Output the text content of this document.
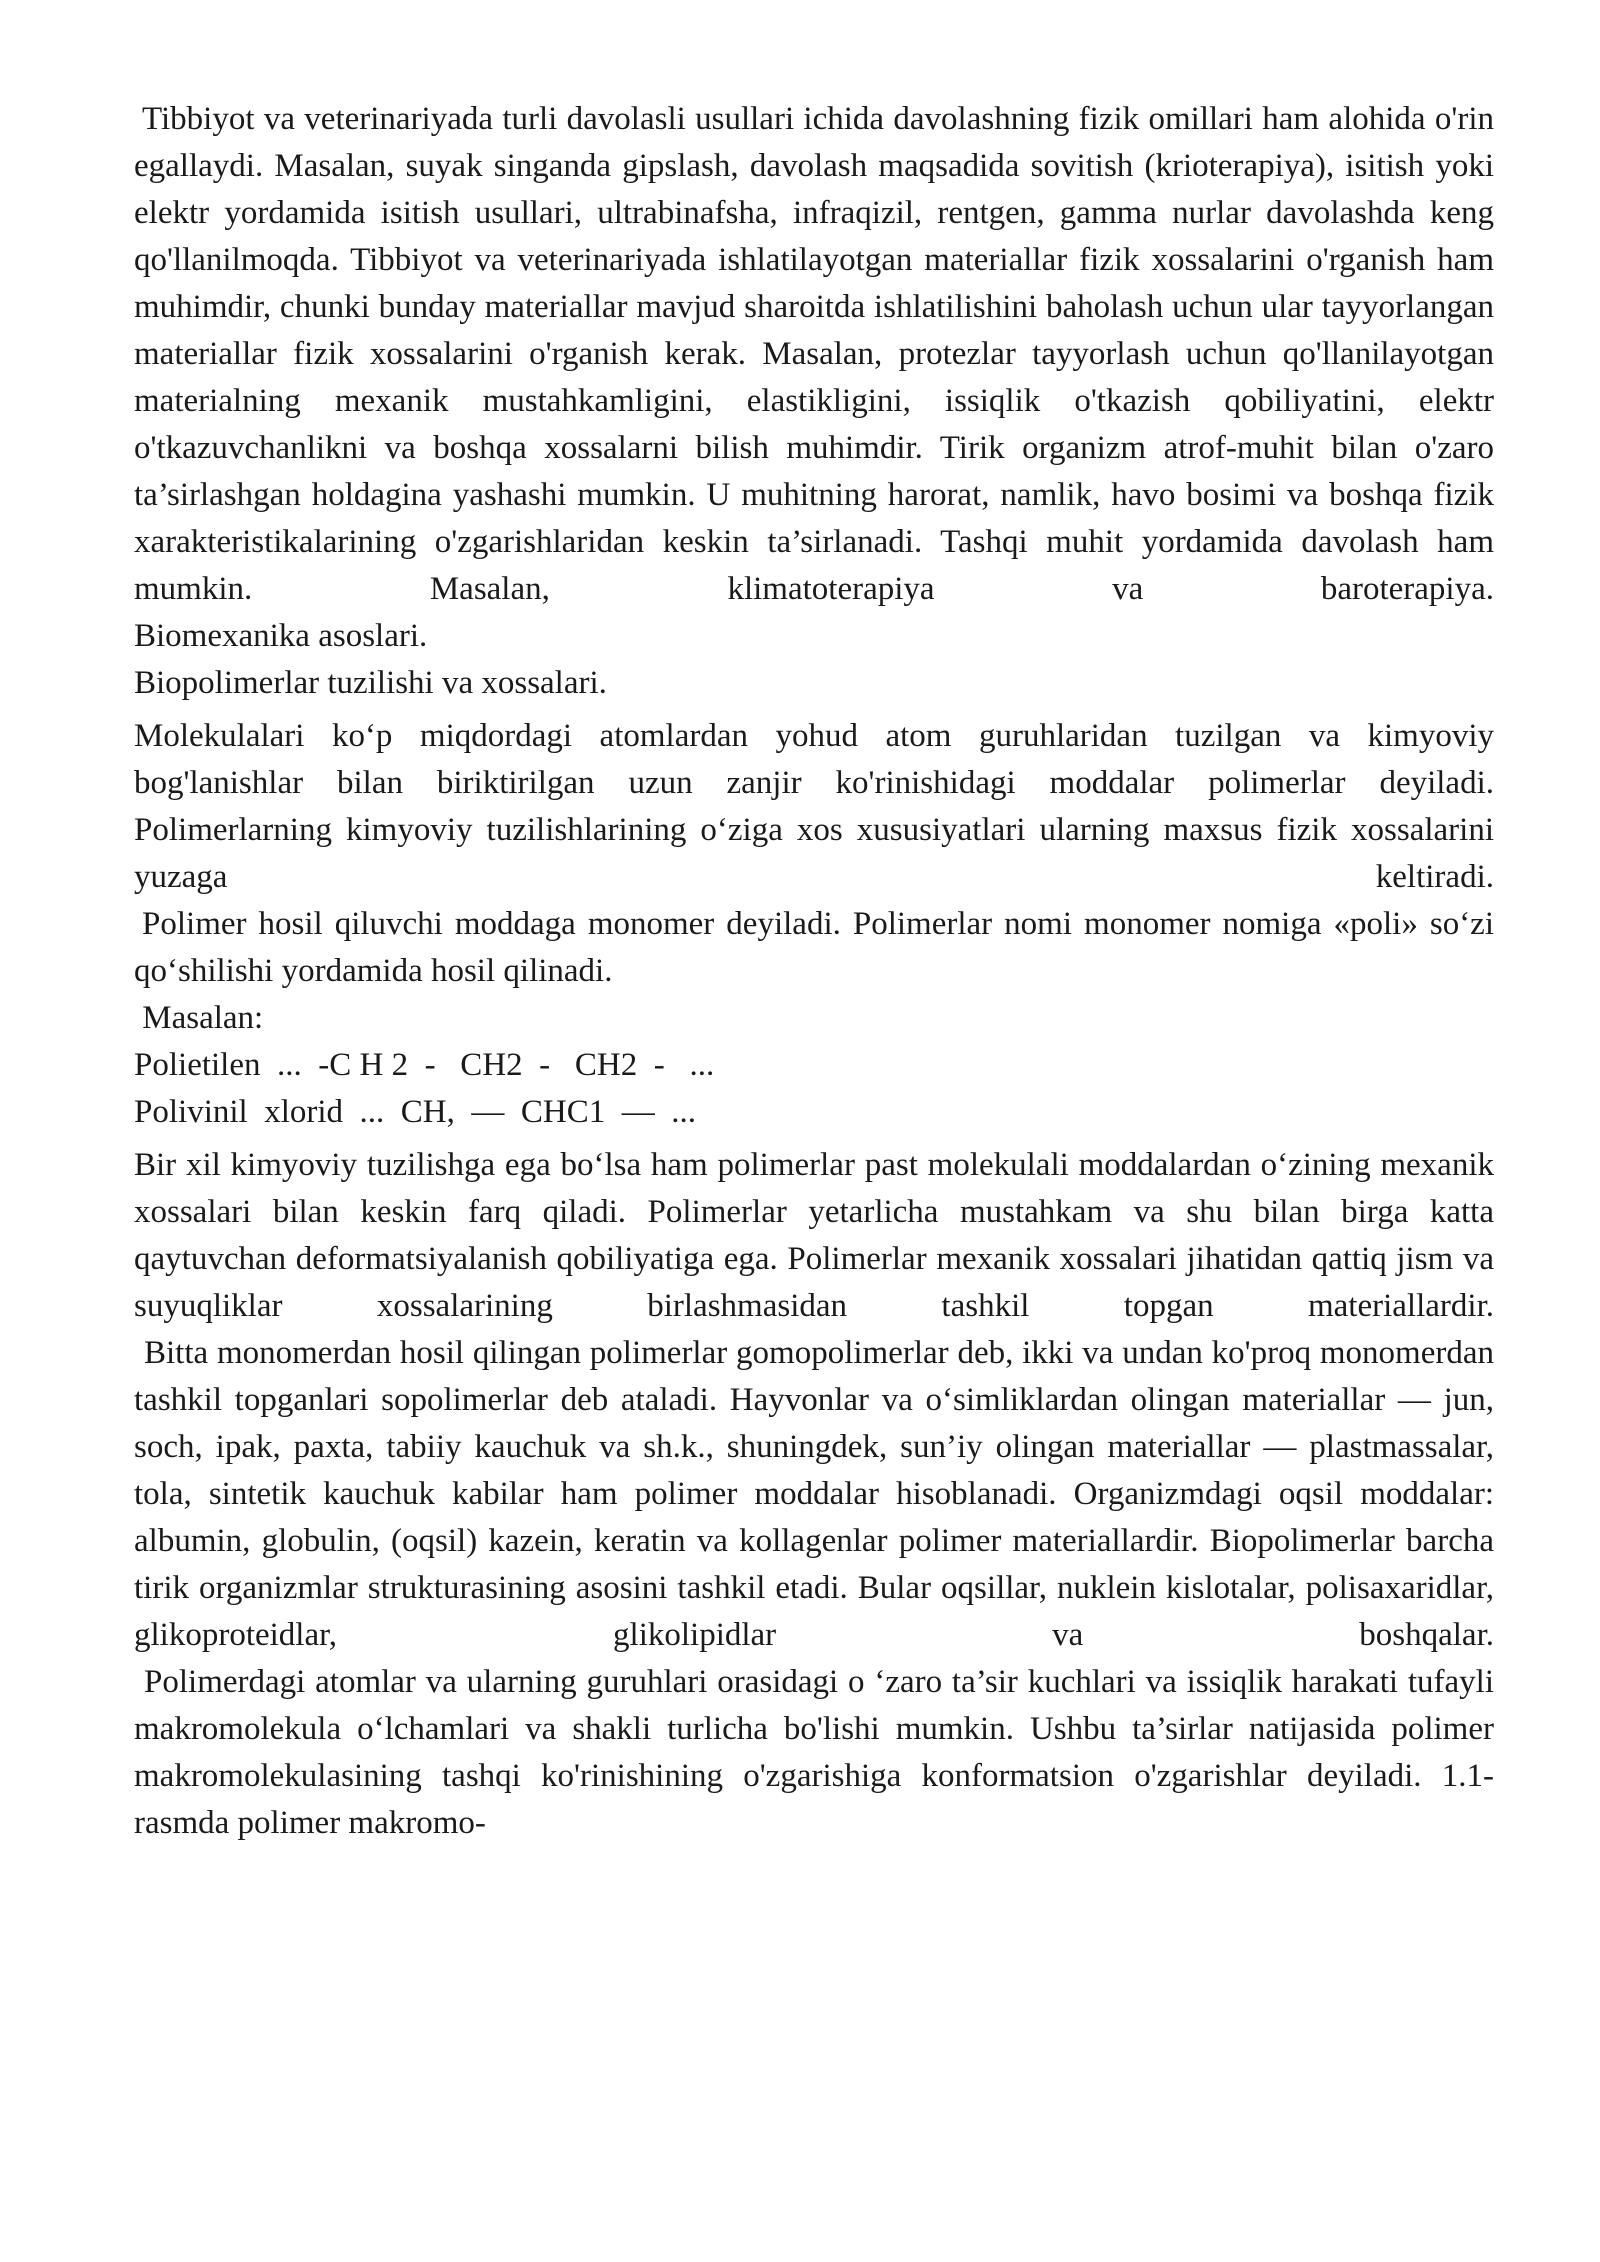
Tibbiyot va veterinariyada turli davolasli usullari ichida davolashning fizik omillari ham alohida o'rin egallaydi. Masalan, suyak singanda gipslash, davolash maqsadida sovitish (krioterapiya), isitish yoki elektr yordamida isitish usullari, ultrabinafsha, infraqizil, rentgen, gamma nurlar davolashda keng qo'llanilmoqda. Tibbiyot va veterinariyada ishlatilayotgan materiallar fizik xossalarini o'rganish ham muhimdir, chunki bunday materiallar mavjud sharoitda ishlatilishini baholash uchun ular tayyorlangan materiallar fizik xossalarini o'rganish kerak. Masalan, protezlar tayyorlash uchun qo'llanilayotgan materialning mexanik mustahkamligini, elastikligini, issiqlik o'tkazish qobiliyatini, elektr o'tkazuvchanlikni va boshqa xossalarni bilish muhimdir. Tirik organizm atrof-muhit bilan o'zaro ta’sirlashgan holdagina yashashi mumkin. U muhitning harorat, namlik, havo bosimi va boshqa fizik xarakteristikalarining o'zgarishlaridan keskin ta’sirlanadi. Tashqi muhit yordamida davolash ham mumkin. Masalan, klimatoterapiya va baroterapiya.

Biomexanika asoslari.

Biopolimerlar tuzilishi va xossalari.

Molekulalari ko‘p miqdordagi atomlardan yohud atom guruhlaridan tuzilgan va kimyoviy bog'lanishlar bilan biriktirilgan uzun zanjir ko'rinishidagi moddalar polimerlar deyiladi. Polimerlarning kimyoviy tuzilishlarining o‘ziga xos xususiyatlari ularning maxsus fizik xossalarini yuzaga keltiradi.

Polimer hosil qiluvchi moddaga monomer deyiladi. Polimerlar nomi monomer nomiga «poli» so‘zi qo‘shilishi yordamida hosil qilinadi.

Masalan:

Polietilen  ...  -C H 2  -   CH2  -   CH2  -   ...

Polivinil  xlorid  ...  CH,  —  CHC1  —  ...

Bir xil kimyoviy tuzilishga ega bo‘lsa ham polimerlar past molekulali moddalardan o‘zining mexanik xossalari bilan keskin farq qiladi. Polimerlar yetarlicha mustahkam va shu bilan birga katta qaytuvchan deformatsiyalanish qobiliyatiga ega. Polimerlar mexanik xossalari jihatidan qattiq jism va suyuqliklar xossalarining birlashmasidan tashkil topgan materiallardir.

Bitta monomerdan hosil qilingan polimerlar gomopolimerlar deb, ikki va undan ko'proq monomerdan tashkil topganlari sopolimerlar deb ataladi. Hayvonlar va o‘simliklardan olingan materiallar — jun, soch, ipak, paxta, tabiiy kauchuk va sh.k., shuningdek, sun’iy olingan materiallar — plastmassalar, tola, sintetik kauchuk kabilar ham polimer moddalar hisoblanadi. Organizmdagi oqsil moddalar: albumin, globulin, (oqsil) kazein, keratin va kollagenlar polimer materiallardir. Biopolimerlar barcha tirik organizmlar strukturasining asosini tashkil etadi. Bular oqsillar, nuklein kislotalar, polisaxaridlar, glikoproteidlar, glikolipidlar va boshqalar.

Polimerdagi atomlar va ularning guruhlari orasidagi o ‘zaro ta’sir kuchlari va issiqlik harakati tufayli makromolekula o‘lchamlari va shakli turlicha bo'lishi mumkin. Ushbu ta’sirlar natijasida polimer makromolekulasining tashqi ko'rinishining o'zgarishiga konformatsion o'zgarishlar deyiladi. 1.1-rasmda polimer makromo-
